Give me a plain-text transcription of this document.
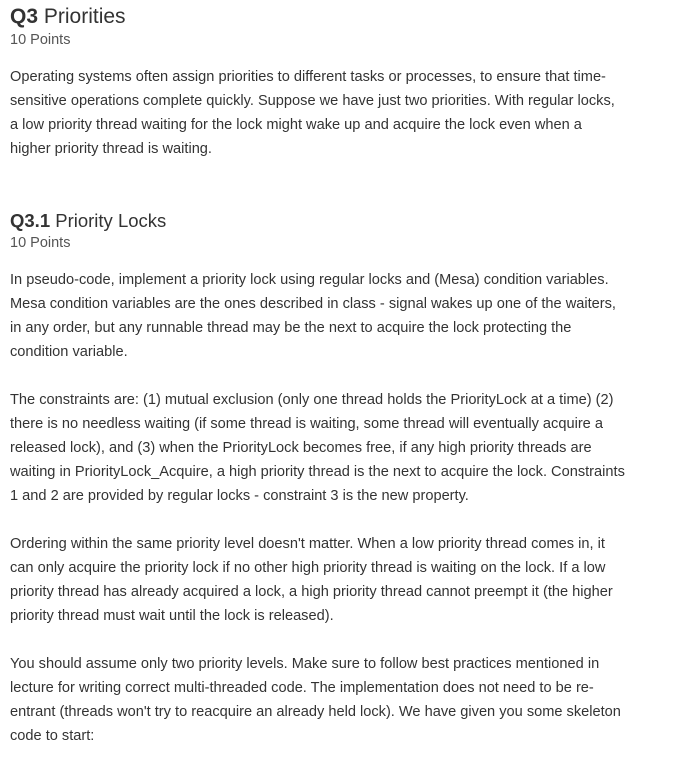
Q3 Priorities
10 Points

Operating systems often assign priorities to different tasks or processes, to ensure that time-
sensitive operations complete quickly. Suppose we have just two priorities. With regular locks,
a low priority thread waiting for the lock might wake up and acquire the lock even when a
higher priority thread is waiting.

Q3.1 Priority Locks
10 Points

In pseudo-code, implement a priority lock using regular locks and (Mesa) condition variables.
Mesa condition variables are the ones described in class - signal wakes up one of the waiters,
in any order, but any runnable thread may be the next to acquire the lock protecting the
condition variable.

The constraints are: (1) mutual exclusion (only one thread holds the PriorityLock at a time) (2)
there is no needless waiting (if some thread is waiting, some thread will eventually acquire a
released lock), and (3) when the PriorityLock becomes free, if any high priority threads are
waiting in PriorityLock_Acquire, a high priority thread is the next to acquire the lock. Constraints
1 and 2 are provided by regular locks - constraint 3 is the new property.

Ordering within the same priority level doesn't matter. When a low priority thread comes in, it
can only acquire the priority lock if no other high priority thread is waiting on the lock. If a low
priority thread has already acquired a lock, a high priority thread cannot preempt it (the higher
priority thread must wait until the lock is released).

You should assume only two priority levels. Make sure to follow best practices mentioned in
lecture for writing correct multi-threaded code. The implementation does not need to be re-
entrant (threads won't try to reacquire an already held lock). We have given you some skeleton
code to start:
